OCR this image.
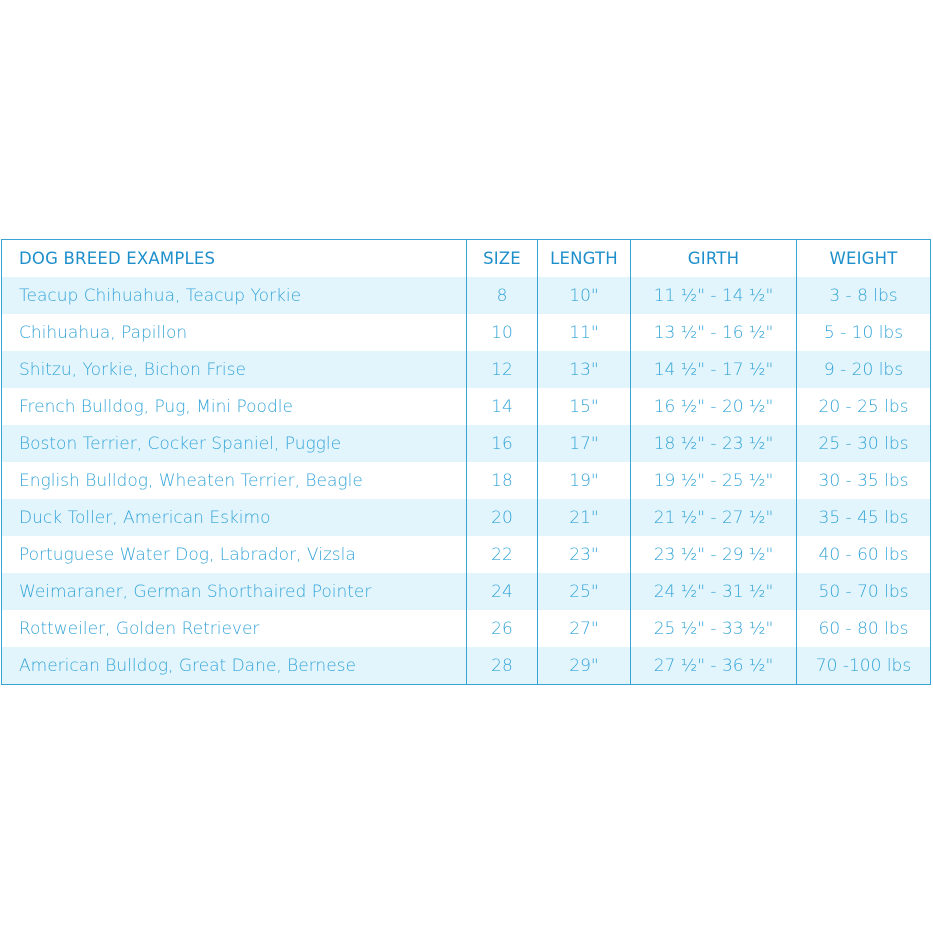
DOG BREED EXAMPLES	SIZE	LENGTH	GIRTH	WEIGHT
Teacup Chihuahua, Teacup Yorkie	8	10"	11 ½" - 14 ½"	3 - 8 lbs
Chihuahua, Papillon	10	11"	13 ½" - 16 ½"	5 - 10 lbs
Shitzu, Yorkie, Bichon Frise	12	13"	14 ½" - 17 ½"	9 - 20 lbs
French Bulldog, Pug, Mini Poodle	14	15"	16 ½" - 20 ½"	20 - 25 lbs
Boston Terrier, Cocker Spaniel, Puggle	16	17"	18 ½" - 23 ½"	25 - 30 lbs
English Bulldog, Wheaten Terrier, Beagle	18	19"	19 ½" - 25 ½"	30 - 35 lbs
Duck Toller, American Eskimo	20	21"	21 ½" - 27 ½"	35 - 45 lbs
Portuguese Water Dog, Labrador, Vizsla	22	23"	23 ½" - 29 ½"	40 - 60 lbs
Weimaraner, German Shorthaired Pointer	24	25"	24 ½" - 31 ½"	50 - 70 lbs
Rottweiler, Golden Retriever	26	27"	25 ½" - 33 ½"	60 - 80 lbs
American Bulldog, Great Dane, Bernese	28	29"	27 ½" - 36 ½"	70 -100 lbs
